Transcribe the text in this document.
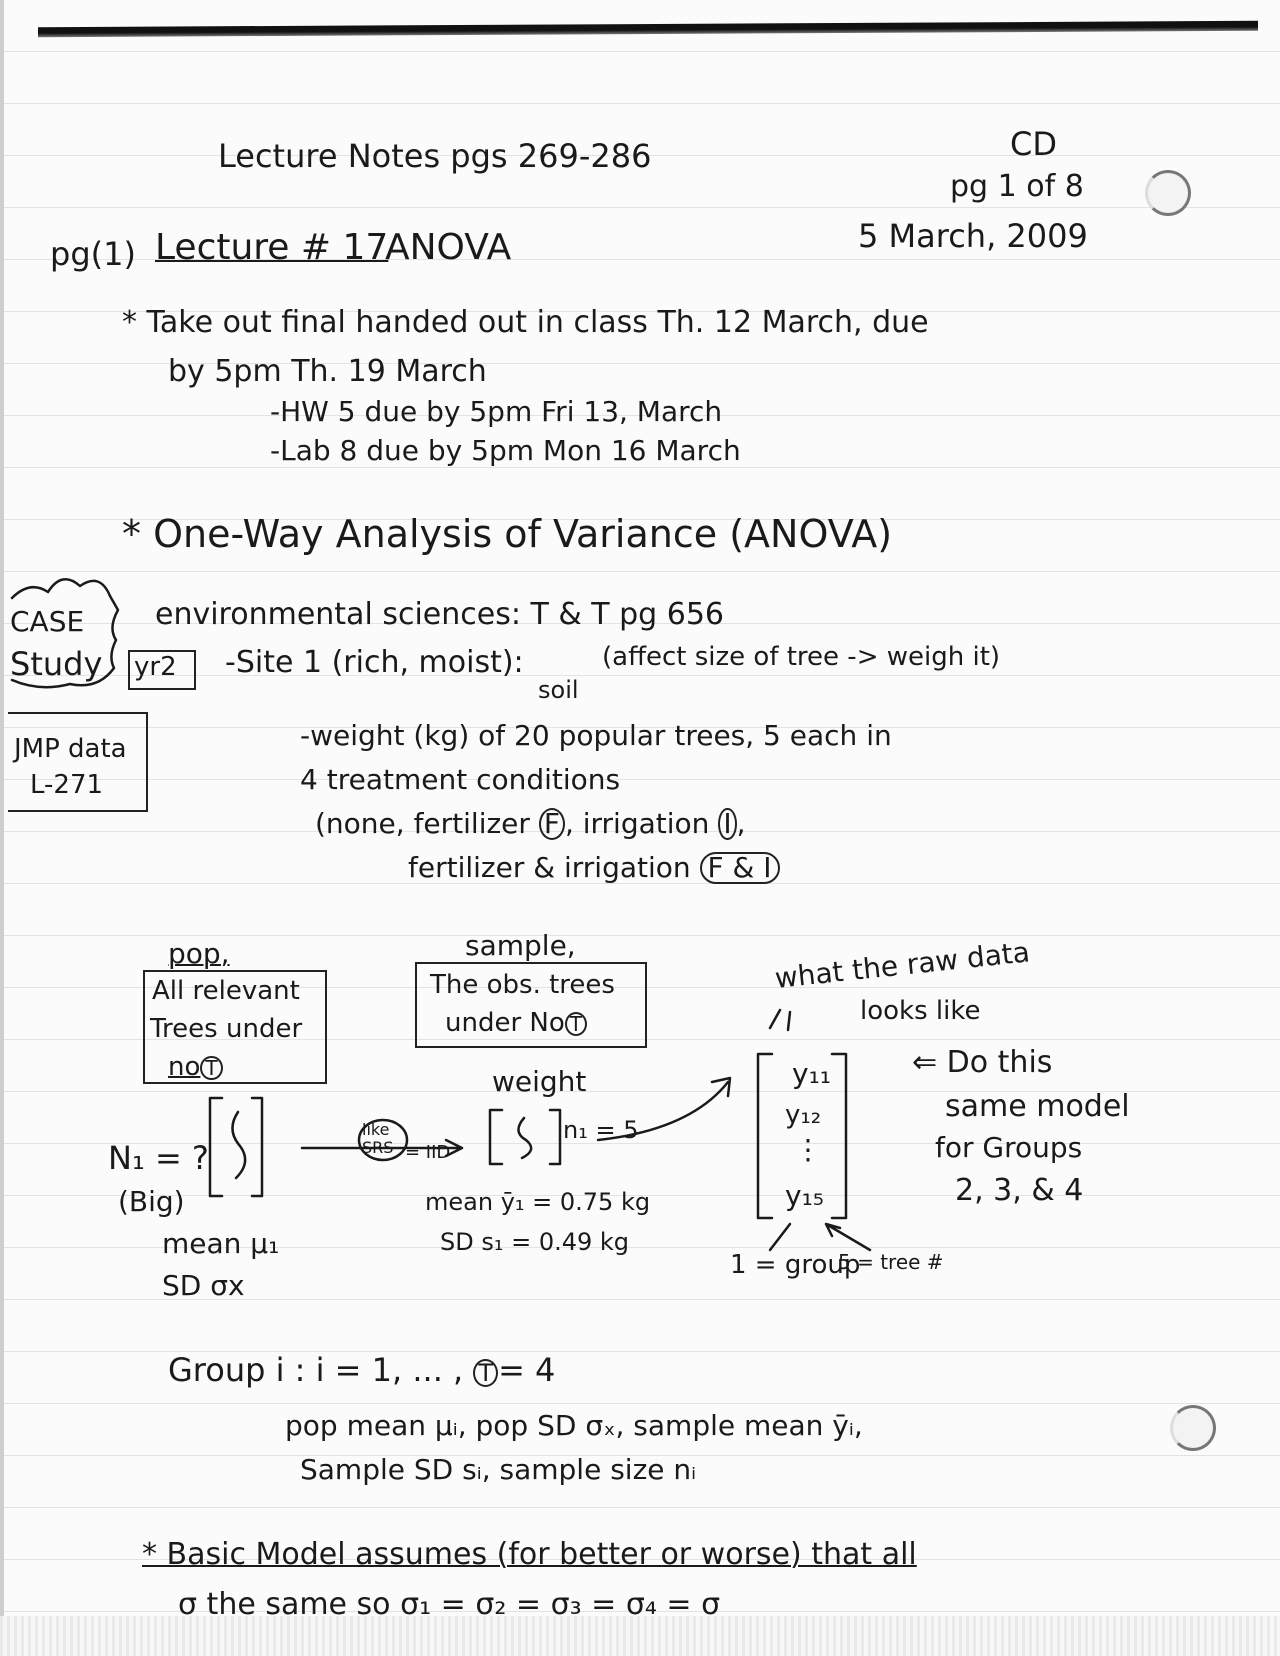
Lecture Notes pgs 269-286	CD
pg 1 of 8
pg(1) Lecture # 17
ANOVA	5 March, 2009
* Take out final handed out in class Th. 12 March, due
by 5pm Th. 19 March
-HW 5 due by 5pm Fri 13, March
-Lab 8 due by 5pm Mon 16 March
* One-Way Analysis of Variance (ANOVA)
CASE
Study
environmental sciences: T & T pg 656
yr2 -Site 1 (rich, moist):
soil
(affect size of tree -> weigh it)
JMP data
L-271
-weight (kg) of 20 popular trees, 5 each in
4 treatment conditions
(none, fertilizer F , irrigation I ,
fertilizer & irrigation F & I
pop,
All relevant
Trees under
no T
sample,
The obs. trees
under No T
N₁ = ?
(Big)
mean μ₁
SD σx
like
SRS = IID
weight
n₁ = 5
mean ȳ₁ = 0.75 kg
SD s₁ = 0.49 kg
what the raw data
looks like
y₁₁
y₁₂
⋮
y₁₅
1 = group
5 = tree #
⇐ Do this
same model
for Groups
2, 3, & 4
Group i : i = 1, ... , T = 4
pop mean μᵢ, pop SD σₓ, sample mean ȳᵢ,
Sample SD sᵢ, sample size nᵢ
* Basic Model assumes (for better or worse) that all
σ the same so σ₁ = σ₂ = σ₃ = σ₄ = σ
